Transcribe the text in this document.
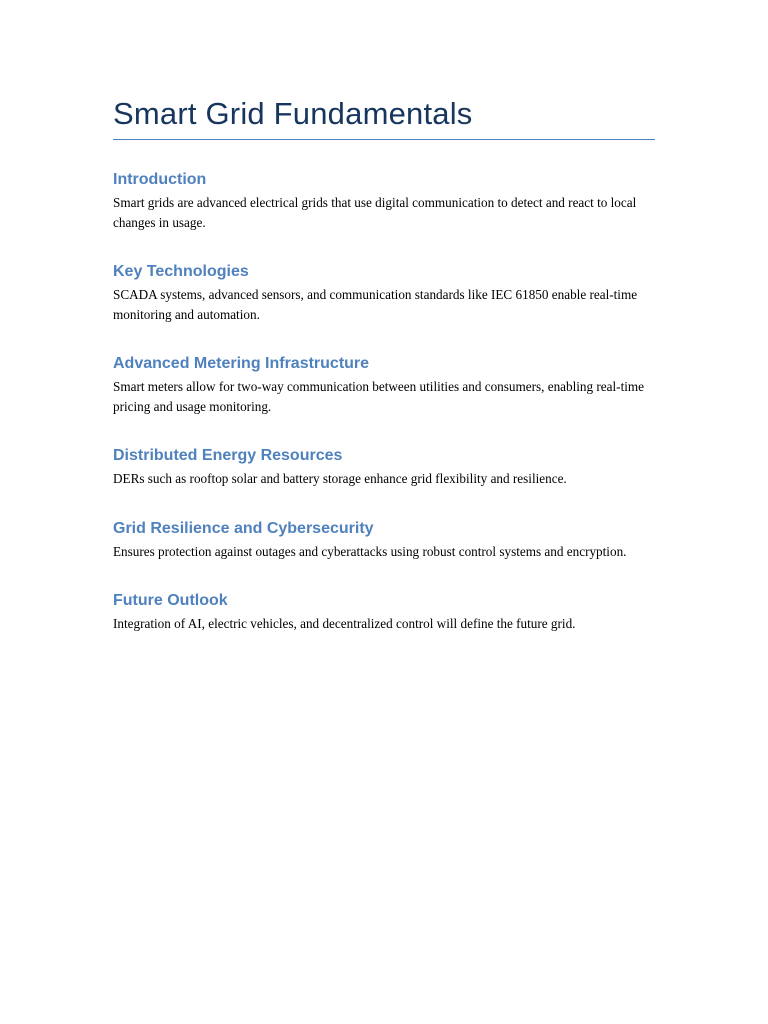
Smart Grid Fundamentals
Introduction

Smart grids are advanced electrical grids that use digital communication to detect and react to local changes in usage.

Key Technologies

SCADA systems, advanced sensors, and communication standards like IEC 61850 enable real-time monitoring and automation.

Advanced Metering Infrastructure

Smart meters allow for two-way communication between utilities and consumers, enabling real-time pricing and usage monitoring.

Distributed Energy Resources

DERs such as rooftop solar and battery storage enhance grid flexibility and resilience.

Grid Resilience and Cybersecurity

Ensures protection against outages and cyberattacks using robust control systems and encryption.

Future Outlook

Integration of AI, electric vehicles, and decentralized control will define the future grid.
